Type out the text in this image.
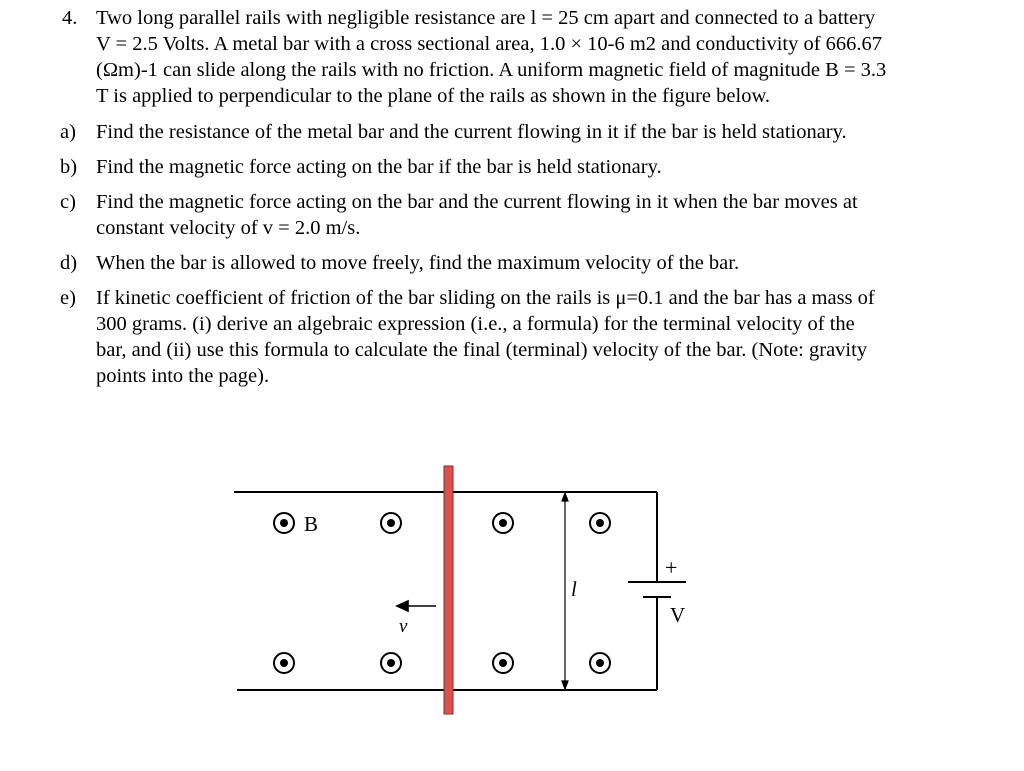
4. Two long parallel rails with negligible resistance are l = 25 cm apart and connected to a battery
V = 2.5 Volts. A metal bar with a cross sectional area, 1.0 × 10-6 m2 and conductivity of 666.67
(Ωm)-1 can slide along the rails with no friction. A uniform magnetic field of magnitude B = 3.3
T is applied to perpendicular to the plane of the rails as shown in the figure below.
a) Find the resistance of the metal bar and the current flowing in it if the bar is held stationary.
b) Find the magnetic force acting on the bar if the bar is held stationary.
c) Find the magnetic force acting on the bar and the current flowing in it when the bar moves at
constant velocity of v = 2.0 m/s.
d) When the bar is allowed to move freely, find the maximum velocity of the bar.
e) If kinetic coefficient of friction of the bar sliding on the rails is μ=0.1 and the bar has a mass of
300 grams. (i) derive an algebraic expression (i.e., a formula) for the terminal velocity of the
bar, and (ii) use this formula to calculate the final (terminal) velocity of the bar. (Note: gravity
points into the page).
B
v
l
+
V
